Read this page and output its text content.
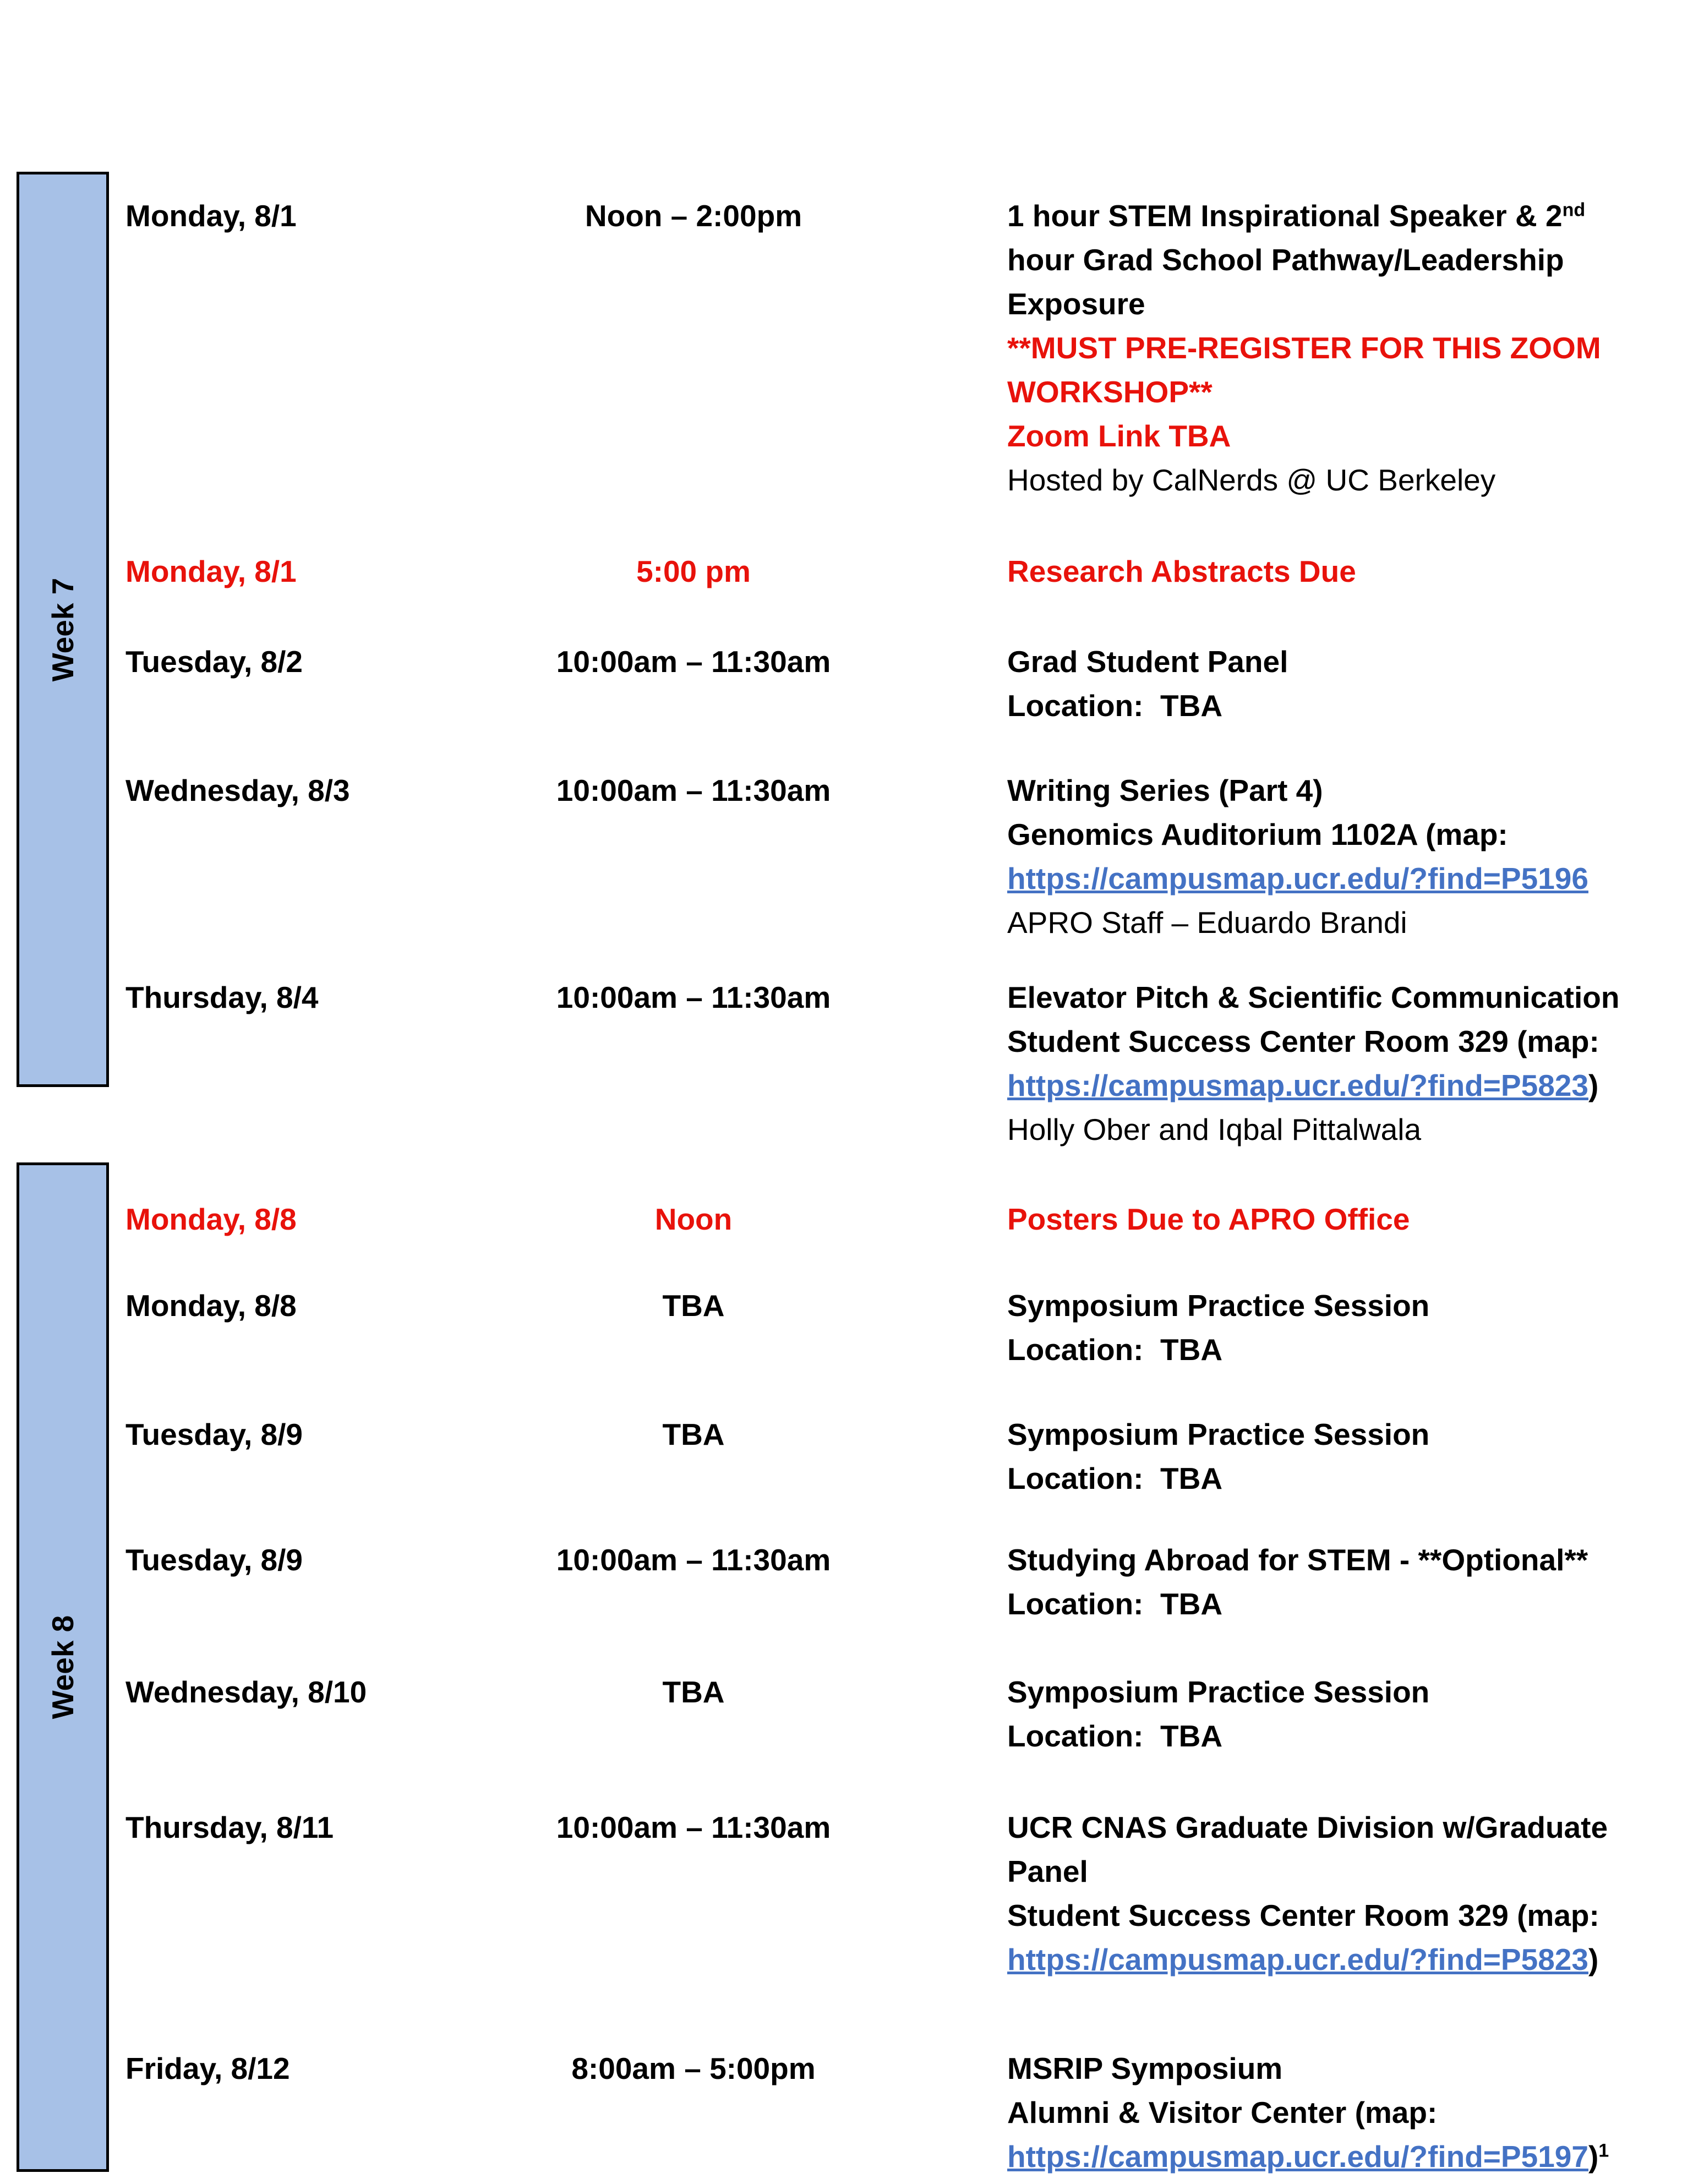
Week 7
Week 8
Monday, 8/1	Noon – 2:00pm	1 hour STEM Inspirational Speaker & 2nd
hour Grad School Pathway/Leadership
Exposure
**MUST PRE-REGISTER FOR THIS ZOOM
WORKSHOP**
Zoom Link TBA
Hosted by CalNerds @ UC Berkeley
Monday, 8/1	5:00 pm	Research Abstracts Due
Tuesday, 8/2	10:00am – 11:30am	Grad Student Panel
Location:  TBA
Wednesday, 8/3	10:00am – 11:30am	Writing Series (Part 4)
Genomics Auditorium 1102A (map:
https://campusmap.ucr.edu/?find=P5196
APRO Staff – Eduardo Brandi
Thursday, 8/4	10:00am – 11:30am	Elevator Pitch & Scientific Communication
Student Success Center Room 329 (map:
https://campusmap.ucr.edu/?find=P5823)
Holly Ober and Iqbal Pittalwala
Monday, 8/8	Noon	Posters Due to APRO Office
Monday, 8/8	TBA	Symposium Practice Session
Location:  TBA
Tuesday, 8/9	TBA	Symposium Practice Session
Location:  TBA
Tuesday, 8/9	10:00am – 11:30am	Studying Abroad for STEM - **Optional**
Location:  TBA
Wednesday, 8/10	TBA	Symposium Practice Session
Location:  TBA
Thursday, 8/11	10:00am – 11:30am	UCR CNAS Graduate Division w/Graduate
Panel
Student Success Center Room 329 (map:
https://campusmap.ucr.edu/?find=P5823)
Friday, 8/12	8:00am – 5:00pm	MSRIP Symposium
Alumni & Visitor Center (map:
https://campusmap.ucr.edu/?find=P5197)$^1$
